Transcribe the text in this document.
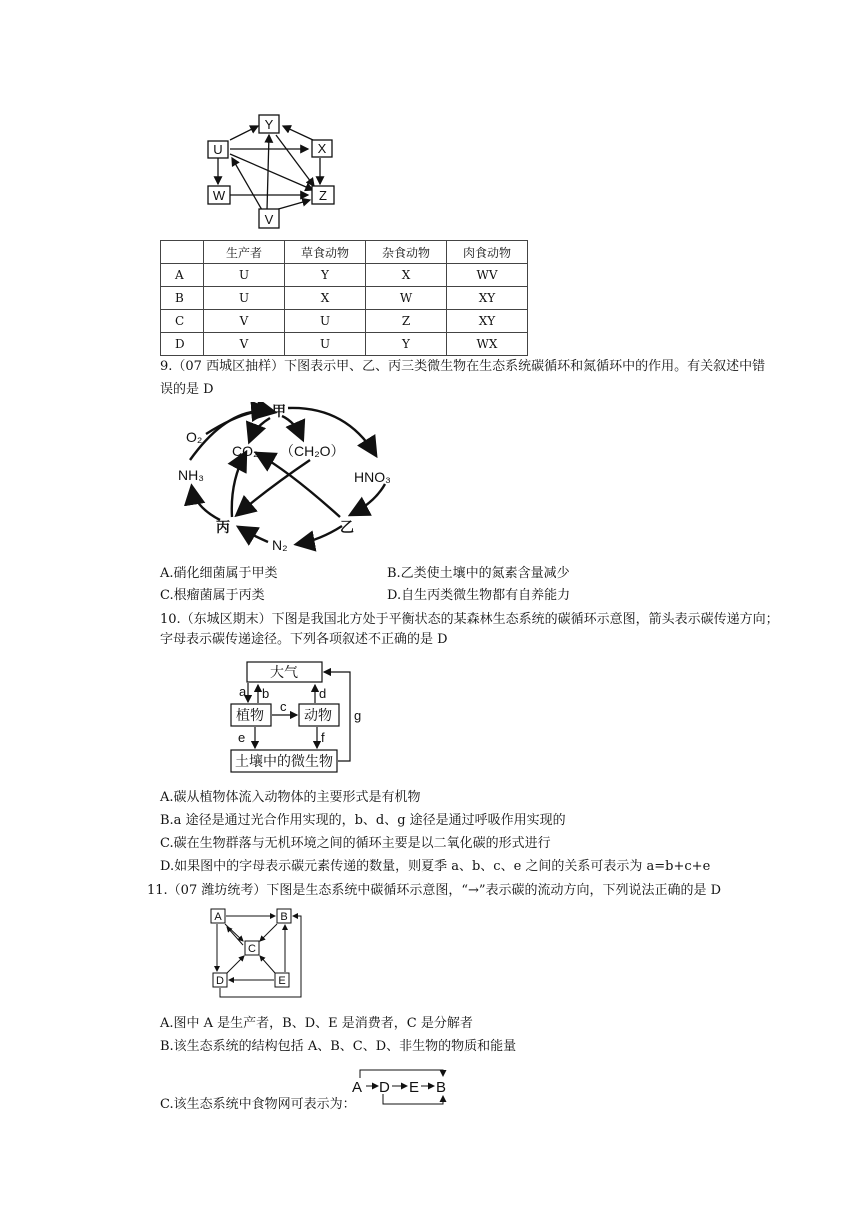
Y
U	X
W	Z
V
	生产者	草食动物	杂食动物	肉食动物
A	U	Y	X	WV
B	U	X	W	XY
C	V	U	Z	XY
D	V	U	Y	WX
9.（07 西城区抽样）下图表示甲、乙、丙三类微生物在生态系统碳循环和氮循环中的作用。有关叙述中错
误的是 D
甲
O₂
CO₂ （CH₂O）
NH₃	HNO₃
丙
N₂
乙
A.硝化细菌属于甲类	B.乙类使土壤中的氮素含量减少
C.根瘤菌属于丙类	D.自生丙类微生物都有自养能力
10.（东城区期末）下图是我国北方处于平衡状态的某森林生态系统的碳循环示意图，箭头表示碳传递方向；
字母表示碳传递途径。下列各项叙述不正确的是 D
大气
植物	动物
土壤中的微生物
a b
c
d
e	f
g
A.碳从植物体流入动物体的主要形式是有机物
B.a 途径是通过光合作用实现的，b、d、g 途径是通过呼吸作用实现的
C.碳在生物群落与无机环境之间的循环主要是以二氧化碳的形式进行
D.如果图中的字母表示碳元素传递的数量，则夏季 a、b、c、e 之间的关系可表示为 a=b+c+e
11.（07 潍坊统考）下图是生态系统中碳循环示意图，“→”表示碳的流动方向，下列说法正确的是 D
A	B
C
D	E
A.图中 A 是生产者，B、D、E 是消费者，C 是分解者
B.该生态系统的结构包括 A、B、C、D、非生物的物质和能量
C.该生态系统中食物网可表示为：
A D E B
